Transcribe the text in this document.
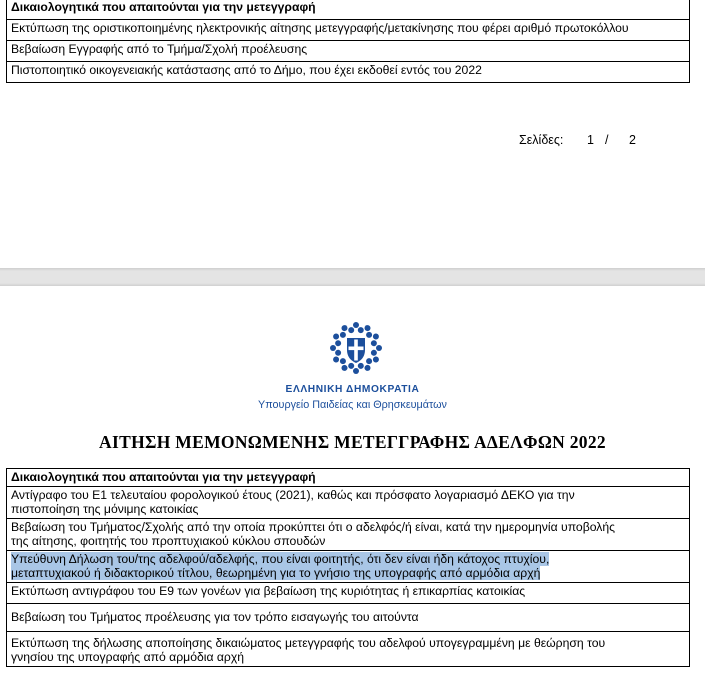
Δικαιολογητικά που απαιτούνται για την μετεγγραφή
Εκτύπωση της οριστικοποιημένης ηλεκτρονικής αίτησης μετεγγραφής/μετακίνησης που φέρει αριθμό πρωτοκόλλου
Βεβαίωση Εγγραφής από το Τμήμα/Σχολή προέλευσης
Πιστοποιητικό οικογενειακής κατάστασης από το Δήμο, που έχει εκδοθεί εντός του 2022
Σελίδες: 1 / 2
ΕΛΛΗΝΙΚΗ ΔΗΜΟΚΡΑΤΙΑ
Υπουργείο Παιδείας και Θρησκευμάτων
ΑΙΤΗΣΗ ΜΕΜΟΝΩΜΕΝΗΣ ΜΕΤΕΓΓΡΑΦΗΣ ΑΔΕΛΦΩΝ 2022
Δικαιολογητικά που απαιτούνται για την μετεγγραφή
Αντίγραφο του Ε1 τελευταίου φορολογικού έτους (2021), καθώς και πρόσφατο λογαριασμό ΔΕΚΟ για την
πιστοποίηση της μόνιμης κατοικίας
Βεβαίωση του Τμήματος/Σχολής από την οποία προκύπτει ότι ο αδελφός/ή είναι, κατά την ημερομηνία υποβολής
της αίτησης, φοιτητής του προπτυχιακού κύκλου σπουδών
Υπεύθυνη Δήλωση του/της αδελφού/αδελφής, που είναι φοιτητής, ότι δεν είναι ήδη κάτοχος πτυχίου,
μεταπτυχιακού ή διδακτορικού τίτλου, θεωρημένη για το γνήσιο της υπογραφής από αρμόδια αρχή
Εκτύπωση αντιγράφου του Ε9 των γονέων για βεβαίωση της κυριότητας ή επικαρπίας κατοικίας
Βεβαίωση του Τμήματος προέλευσης για τον τρόπο εισαγωγής του αιτούντα
Εκτύπωση της δήλωσης αποποίησης δικαιώματος μετεγγραφής του αδελφού υπογεγραμμένη με θεώρηση του
γνησίου της υπογραφής από αρμόδια αρχή
